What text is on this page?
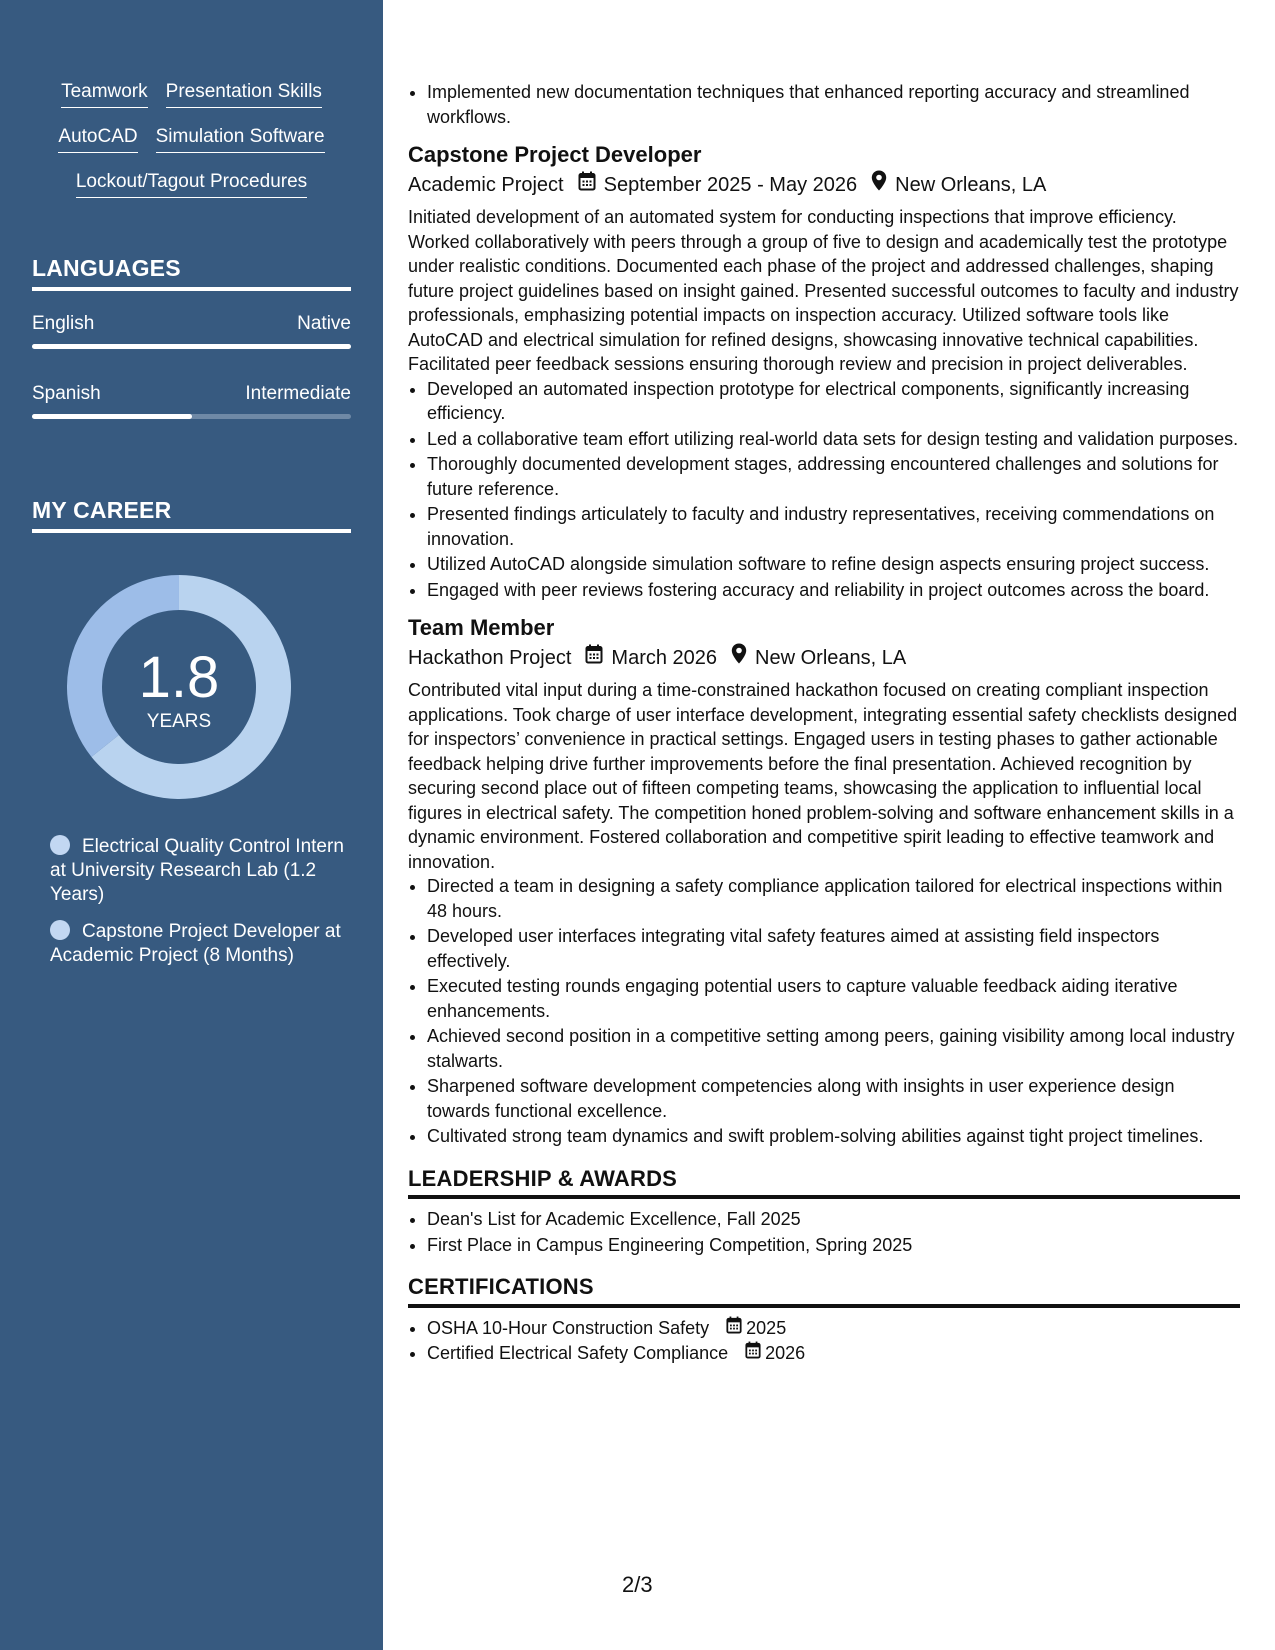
Teamwork Presentation Skills
AutoCAD Simulation Software
Lockout/Tagout Procedures
LANGUAGES
English	Native
Spanish	Intermediate
MY CAREER
1.8
YEARS
Electrical Quality Control Intern at University Research Lab (1.2 Years)
Capstone Project Developer at Academic Project (8 Months)
• Implemented new documentation techniques that enhanced reporting accuracy and streamlined workflows.
Capstone Project Developer
Academic Project September 2025 - May 2026 New Orleans, LA

Initiated development of an automated system for conducting inspections that improve efficiency. Worked collaboratively with peers through a group of five to design and academically test the prototype under realistic conditions. Documented each phase of the project and addressed challenges, shaping future project guidelines based on insight gained. Presented successful outcomes to faculty and industry professionals, emphasizing potential impacts on inspection accuracy. Utilized software tools like AutoCAD and electrical simulation for refined designs, showcasing innovative technical capabilities. Facilitated peer feedback sessions ensuring thorough review and precision in project deliverables.

• Developed an automated inspection prototype for electrical components, significantly increasing efficiency.
• Led a collaborative team effort utilizing real-world data sets for design testing and validation purposes.
• Thoroughly documented development stages, addressing encountered challenges and solutions for future reference.
• Presented findings articulately to faculty and industry representatives, receiving commendations on innovation.
• Utilized AutoCAD alongside simulation software to refine design aspects ensuring project success.
• Engaged with peer reviews fostering accuracy and reliability in project outcomes across the board.
Team Member
Hackathon Project March 2026 New Orleans, LA

Contributed vital input during a time-constrained hackathon focused on creating compliant inspection applications. Took charge of user interface development, integrating essential safety checklists designed for inspectors’ convenience in practical settings. Engaged users in testing phases to gather actionable feedback helping drive further improvements before the final presentation. Achieved recognition by securing second place out of fifteen competing teams, showcasing the application to influential local figures in electrical safety. The competition honed problem-solving and software enhancement skills in a dynamic environment. Fostered collaboration and competitive spirit leading to effective teamwork and innovation.

• Directed a team in designing a safety compliance application tailored for electrical inspections within 48 hours.
• Developed user interfaces integrating vital safety features aimed at assisting field inspectors effectively.
• Executed testing rounds engaging potential users to capture valuable feedback aiding iterative enhancements.
• Achieved second position in a competitive setting among peers, gaining visibility among local industry stalwarts.
• Sharpened software development competencies along with insights in user experience design towards functional excellence.
• Cultivated strong team dynamics and swift problem-solving abilities against tight project timelines.
LEADERSHIP & AWARDS
• Dean's List for Academic Excellence, Fall 2025
• First Place in Campus Engineering Competition, Spring 2025
CERTIFICATIONS
• OSHA 10-Hour Construction Safety 2025
• Certified Electrical Safety Compliance 2026
2/3
